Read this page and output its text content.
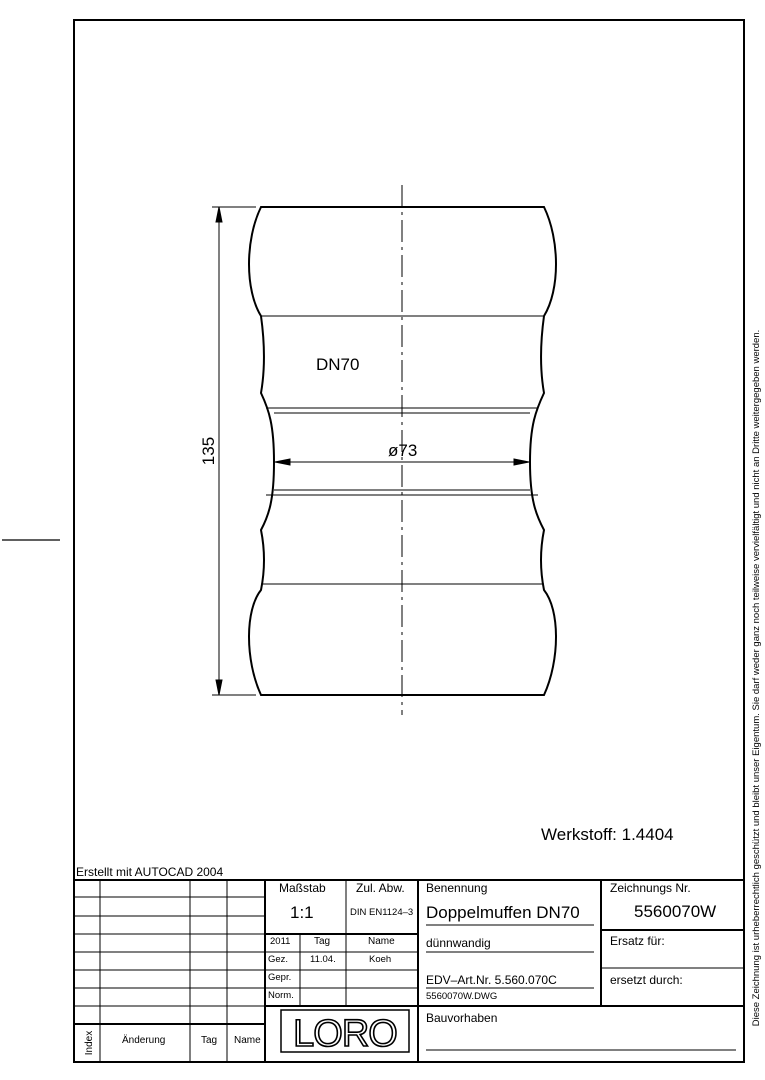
135
Index
Diese Zeichnung ist urheberrechtlich geschützt und bleibt unser Eigentum. Sie darf weder ganz noch teilweise vervielfältigt und nicht an Dritte weitergegeben werden.
LORO
DN70
ø73
Werkstoff: 1.4404
Erstellt mit AUTOCAD 2004
Änderung	Tag Name
Maßstab
1:1
Zul. Abw.
DIN EN1124–3
2011 Tag	Name
Gez. 11.04.	Koeh
Gepr.
Norm.
Benennung
Doppelmuffen DN70
dünnwandig
EDV–Art.Nr. 5.560.070C
5560070W.DWG
Bauvorhaben
Zeichnungs Nr.
5560070W
Ersatz für:
ersetzt durch:
